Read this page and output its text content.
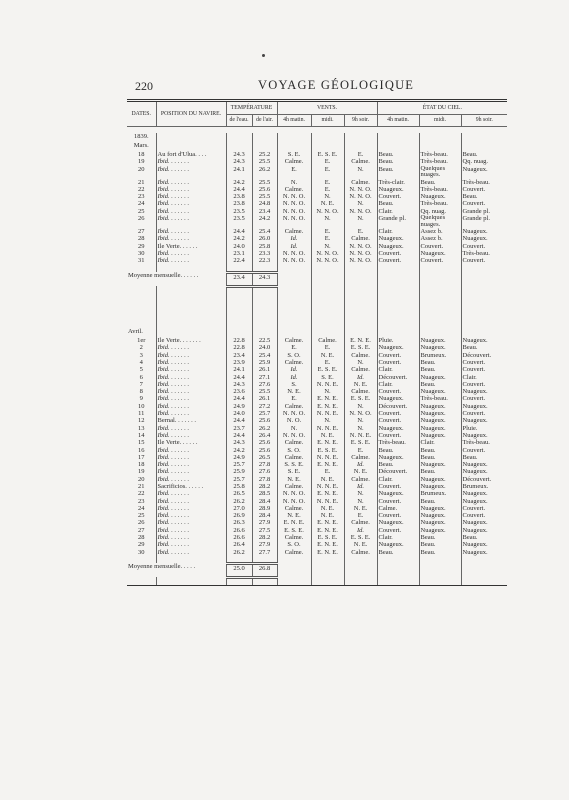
220	VOYAGE GÉOLOGIQUE
DATES.	POSITION DU NAVIRE.	TEMPÉRATURE		VENTS.			ÉTAT DU CIEL.		
		de l'eau.	de l'air.	4h matin.	midi.	9h soir.	4h matin.	midi.	9h soir.

1839.									
Mars.									
18	Au fort d'Ulua. . . .	24.3	25.2	S. E.	E. S. E.	E.	Beau.	Très-beau.	Beau.
19	Ibid. . . . . . .	24.3	25.5	Calme.	E.	Calme.	Beau.	Très-beau.	Qq. nuag.
20	Ibid. . . . . . .	24.1	26.2	E.	E.	N.	Beau.	Quelques nuages.	Nuageux.
21	Ibid. . . . . . .	24.2	25.5	N.	E.	Calme.	Très-clair.	Beau.	Très-beau.
22	Ibid. . . . . . .	24.4	25.6	Calme.	E.	N. N. O.	Nuageux.	Très-beau.	Couvert.
23	Ibid. . . . . . .	23.8	25.5	N. N. O.	N.	N. N. O.	Couvert.	Nuageux.	Beau.
24	Ibid. . . . . . .	23.8	24.8	N. N. O.	N. E.	N.	Beau.	Très-beau.	Couvert.
25	Ibid. . . . . . .	23.5	23.4	N. N. O.	N. N. O.	N. N. O.	Clair.	Qq. nuag.	Grande pl.
26	Ibid. . . . . . .	23.5	24.2	N. N. O.	N.	N.	Grande pl.	Quelques nuages.	Grande pl.
27	Ibid. . . . . . .	24.4	25.4	Calme.	E.	E.	Clair.	Assez b.	Nuageux.
28	Ibid. . . . . . .	24.2	26.0	Id.	E.	Calme.	Nuageux.	Assez b.	Nuageux.
29	Ile Verte. . . . . .	24.0	25.8	Id.	N.	N. N. O.	Nuageux.	Couvert.	Couvert.
30	Ibid. . . . . . .	23.1	23.3	N. N. O.	N. N. O.	N. N. O.	Couvert.	Nuageux.	Très-beau.
31	Ibid. . . . . . .	22.4	22.3	N. N. O.	N. N. O.	N. N. O.	Couvert.	Couvert.	Couvert.

Moyenne mensuelle. . . . . .		23.4	24.3						

Avril.									
1er	Ile Verte. . . . . . .	22.8	22.5	Calme.	Calme.	E. N. E.	Pluie.	Nuageux.	Nuageux.
2	Ibid. . . . . . .	22.8	24.0	E.	E.	E. S. E.	Nuageux.	Nuageux.	Beau.
3	Ibid. . . . . . .	23.4	25.4	S. O.	N. E.	Calme.	Couvert.	Brumeux.	Découvert.
4	Ibid. . . . . . .	23.9	25.9	Calme.	E.	N.	Couvert.	Beau.	Couvert.
5	Ibid. . . . . . .	24.1	26.1	Id.	E. S. E.	Calme.	Clair.	Beau.	Couvert.
6	Ibid. . . . . . .	24.4	27.1	Id.	S. E.	Id.	Découvert.	Nuageux.	Clair.
7	Ibid. . . . . . .	24.3	27.6	S.	N. N. E.	N. E.	Clair.	Beau.	Couvert.
8	Ibid. . . . . . .	23.6	25.5	N. E.	N.	Calme.	Couvert.	Nuageux.	Nuageux.
9	Ibid. . . . . . .	24.4	26.1	E.	E. N. E.	E. S. E.	Nuageux.	Très-beau.	Couvert.
10	Ibid. . . . . . .	24.9	27.2	Calme.	E. N. E.	N.	Découvert.	Nuageux.	Nuageux.
11	Ibid. . . . . . .	24.0	25.7	N. N. O.	N. N. E.	N. N. O.	Couvert.	Nuageux.	Couvert.
12	Bernal. . . . . . .	24.4	25.6	N. O.	N.	N.	Couvert.	Nuageux.	Nuageux.
13	Ibid. . . . . . .	23.7	26.2	N.	N. N. E.	N.	Nuageux.	Nuageux.	Pluie.
14	Ibid. . . . . . .	24.4	26.4	N. N. O.	N. E.	N. N. E.	Couvert.	Nuageux.	Nuageux.
15	Ile Verte. . . . . .	24.3	25.6	Calme.	E. N. E.	E. S. E.	Très-beau.	Clair.	Très-beau.
16	Ibid. . . . . . .	24.2	25.6	S. O.	E. S. E.	E.	Beau.	Beau.	Couvert.
17	Ibid. . . . . . .	24.9	26.5	Calme.	N. N. E.	Calme.	Nuageux.	Beau.	Beau.
18	Ibid. . . . . . .	25.7	27.8	S. S. E.	E. N. E.	Id.	Beau.	Nuageux.	Nuageux.
19	Ibid. . . . . . .	25.9	27.6	S. E.	E.	N. E.	Découvert.	Beau.	Nuageux.
20	Ibid. . . . . . .	25.7	27.8	N. E.	N. E.	Calme.	Clair.	Nuageux.	Découvert.
21	Sacrificios. . . . . .	25.8	28.2	Calme.	N. N. E.	Id.	Couvert.	Nuageux.	Brumeux.
22	Ibid. . . . . . .	26.5	28.5	N. N. O.	E. N. E.	N.	Nuageux.	Brumeux.	Nuageux.
23	Ibid. . . . . . .	26.2	28.4	N. N. O.	N. N. E.	N.	Couvert.	Beau.	Nuageux.
24	Ibid. . . . . . .	27.0	28.9	Calme.	N. E.	N. E.	Calme.	Nuageux.	Couvert.
25	Ibid. . . . . . .	26.9	28.4	N. E.	N. E.	E.	Couvert.	Nuageux.	Couvert.
26	Ibid. . . . . . .	26.3	27.9	E. N. E.	E. N. E.	Calme.	Nuageux.	Nuageux.	Nuageux.
27	Ibid. . . . . . .	26.6	27.5	E. S. E.	E. N. E.	Id.	Couvert.	Nuageux.	Nuageux.
28	Ibid. . . . . . .	26.6	28.2	Calme.	E. S. E.	E. S. E.	Clair.	Beau.	Beau.
29	Ibid. . . . . . .	26.4	27.9	S. O.	E. N. E.	N. E.	Nuageux.	Beau.	Nuageux.
30	Ibid. . . . . . .	26.2	27.7	Calme.	E. N. E.	Calme.	Beau.	Beau.	Nuageux.

Moyenne mensuelle. . . . .		25.0	26.8						
